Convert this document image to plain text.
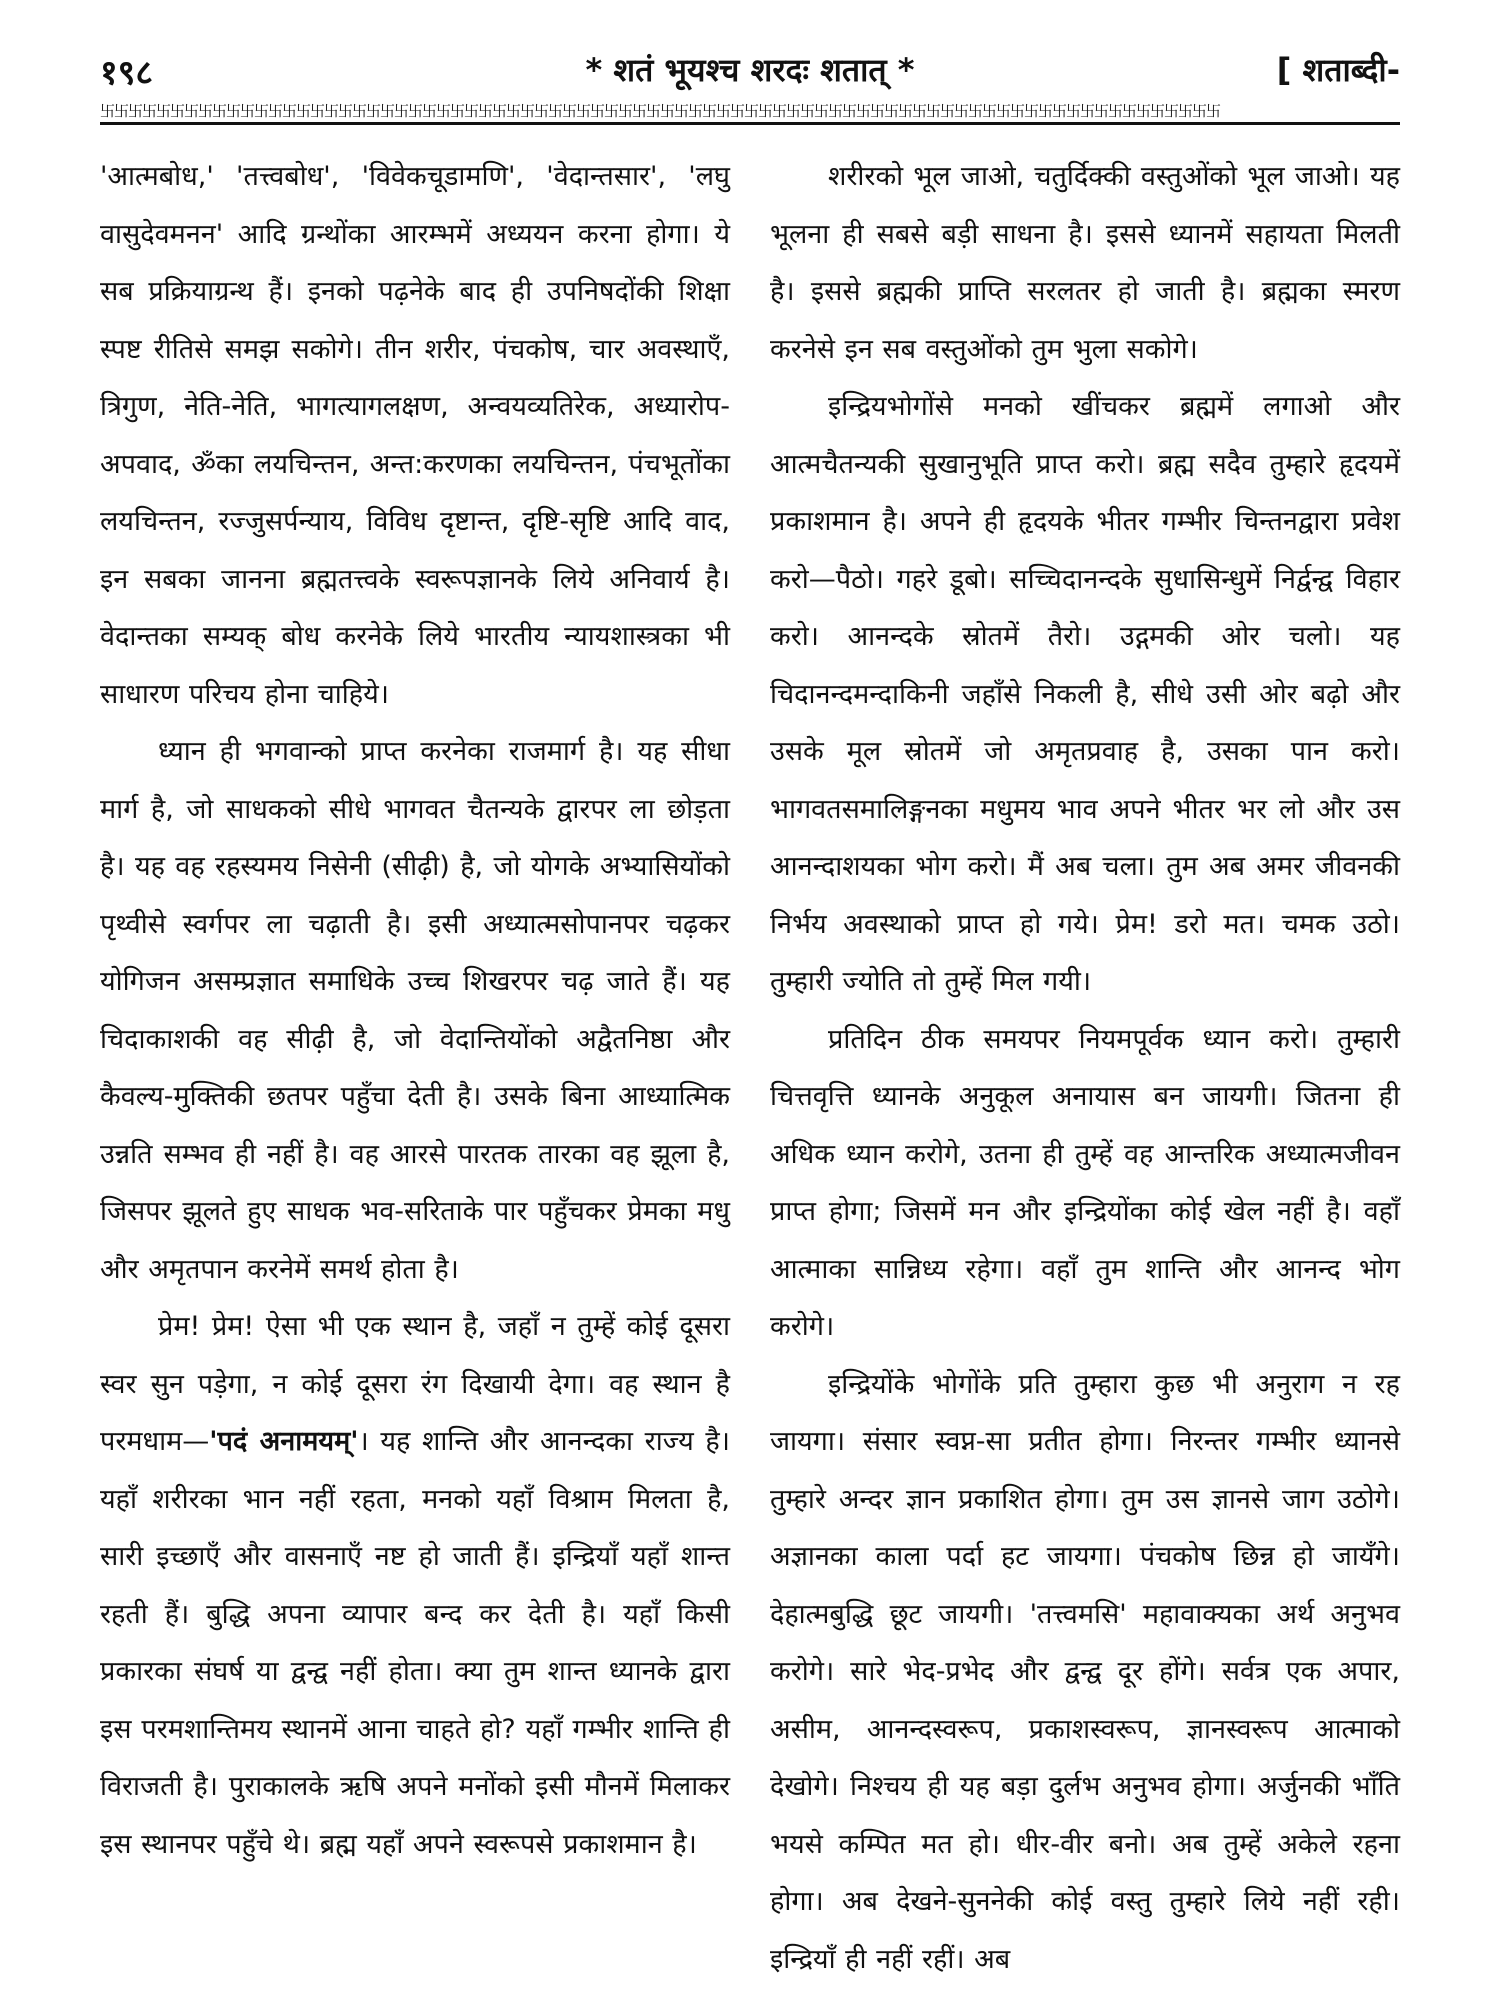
१९८	* शतं भूयश्च शरदः शतात् *	[ शताब्दी-
卐卐卐卐卐卐卐卐卐卐卐卐卐卐卐卐卐卐卐卐卐卐卐卐卐卐卐卐卐卐卐卐卐卐卐卐卐卐卐卐卐卐卐卐卐卐卐卐卐卐卐卐卐卐卐卐卐卐卐卐卐卐卐卐卐卐卐卐卐卐卐卐卐卐卐卐卐卐卐卐

'आत्मबोध,' 'तत्त्वबोध', 'विवेकचूडामणि', 'वेदान्तसार', 'लघु वासुदेवमनन' आदि ग्रन्थोंका आरम्भमें अध्ययन करना होगा। ये सब प्रक्रियाग्रन्थ हैं। इनको पढ़नेके बाद ही उपनिषदोंकी शिक्षा स्पष्ट रीतिसे समझ सकोगे। तीन शरीर, पंचकोष, चार अवस्थाएँ, त्रिगुण, नेति-नेति, भागत्यागलक्षण, अन्वयव्यतिरेक, अध्यारोप-अपवाद, ॐका लयचिन्तन, अन्त:करणका लयचिन्तन, पंचभूतोंका लयचिन्तन, रज्जुसर्पन्याय, विविध दृष्टान्त, दृष्टि-सृष्टि आदि वाद, इन सबका जानना ब्रह्मतत्त्वके स्वरूपज्ञानके लिये अनिवार्य है। वेदान्तका सम्यक् बोध करनेके लिये भारतीय न्यायशास्त्रका भी साधारण परिचय होना चाहिये।

ध्यान ही भगवान्को प्राप्त करनेका राजमार्ग है। यह सीधा मार्ग है, जो साधकको सीधे भागवत चैतन्यके द्वारपर ला छोड़ता है। यह वह रहस्यमय निसेनी (सीढ़ी) है, जो योगके अभ्यासियोंको पृथ्वीसे स्वर्गपर ला चढ़ाती है। इसी अध्यात्मसोपानपर चढ़कर योगिजन असम्प्रज्ञात समाधिके उच्च शिखरपर चढ़ जाते हैं। यह चिदाकाशकी वह सीढ़ी है, जो वेदान्तियोंको अद्वैतनिष्ठा और कैवल्य-मुक्तिकी छतपर पहुँचा देती है। उसके बिना आध्यात्मिक उन्नति सम्भव ही नहीं है। वह आरसे पारतक तारका वह झूला है, जिसपर झूलते हुए साधक भव-सरिताके पार पहुँचकर प्रेमका मधु और अमृतपान करनेमें समर्थ होता है।

प्रेम! प्रेम! ऐसा भी एक स्थान है, जहाँ न तुम्हें कोई दूसरा स्वर सुन पड़ेगा, न कोई दूसरा रंग दिखायी देगा। वह स्थान है परमधाम—'पदं अनामयम्'। यह शान्ति और आनन्दका राज्य है। यहाँ शरीरका भान नहीं रहता, मनको यहाँ विश्राम मिलता है, सारी इच्छाएँ और वासनाएँ नष्ट हो जाती हैं। इन्द्रियाँ यहाँ शान्त रहती हैं। बुद्धि अपना व्यापार बन्द कर देती है। यहाँ किसी प्रकारका संघर्ष या द्वन्द्व नहीं होता। क्या तुम शान्त ध्यानके द्वारा इस परमशान्तिमय स्थानमें आना चाहते हो? यहाँ गम्भीर शान्ति ही विराजती है। पुराकालके ऋषि अपने मनोंको इसी मौनमें मिलाकर इस स्थानपर पहुँचे थे। ब्रह्म यहाँ अपने स्वरूपसे प्रकाशमान है।

शरीरको भूल जाओ, चतुर्दिक्की वस्तुओंको भूल जाओ। यह भूलना ही सबसे बड़ी साधना है। इससे ध्यानमें सहायता मिलती है। इससे ब्रह्मकी प्राप्ति सरलतर हो जाती है। ब्रह्मका स्मरण करनेसे इन सब वस्तुओंको तुम भुला सकोगे।

इन्द्रियभोगोंसे मनको खींचकर ब्रह्ममें लगाओ और आत्मचैतन्यकी सुखानुभूति प्राप्त करो। ब्रह्म सदैव तुम्हारे हृदयमें प्रकाशमान है। अपने ही हृदयके भीतर गम्भीर चिन्तनद्वारा प्रवेश करो—पैठो। गहरे डूबो। सच्चिदानन्दके सुधासिन्धुमें निर्द्वन्द्व विहार करो। आनन्दके स्रोतमें तैरो। उद्गमकी ओर चलो। यह चिदानन्दमन्दाकिनी जहाँसे निकली है, सीधे उसी ओर बढ़ो और उसके मूल स्रोतमें जो अमृतप्रवाह है, उसका पान करो। भागवतसमालिङ्गनका मधुमय भाव अपने भीतर भर लो और उस आनन्दाशयका भोग करो। मैं अब चला। तुम अब अमर जीवनकी निर्भय अवस्थाको प्राप्त हो गये। प्रेम! डरो मत। चमक उठो। तुम्हारी ज्योति तो तुम्हें मिल गयी।

प्रतिदिन ठीक समयपर नियमपूर्वक ध्यान करो। तुम्हारी चित्तवृत्ति ध्यानके अनुकूल अनायास बन जायगी। जितना ही अधिक ध्यान करोगे, उतना ही तुम्हें वह आन्तरिक अध्यात्मजीवन प्राप्त होगा; जिसमें मन और इन्द्रियोंका कोई खेल नहीं है। वहाँ आत्माका सान्निध्य रहेगा। वहाँ तुम शान्ति और आनन्द भोग करोगे।

इन्द्रियोंके भोगोंके प्रति तुम्हारा कुछ भी अनुराग न रह जायगा। संसार स्वप्न-सा प्रतीत होगा। निरन्तर गम्भीर ध्यानसे तुम्हारे अन्दर ज्ञान प्रकाशित होगा। तुम उस ज्ञानसे जाग उठोगे। अज्ञानका काला पर्दा हट जायगा। पंचकोष छिन्न हो जायँगे। देहात्मबुद्धि छूट जायगी। 'तत्त्वमसि' महावाक्यका अर्थ अनुभव करोगे। सारे भेद-प्रभेद और द्वन्द्व दूर होंगे। सर्वत्र एक अपार, असीम, आनन्दस्वरूप, प्रकाशस्वरूप, ज्ञानस्वरूप आत्माको देखोगे। निश्चय ही यह बड़ा दुर्लभ अनुभव होगा। अर्जुनकी भाँति भयसे कम्पित मत हो। धीर-वीर बनो। अब तुम्हें अकेले रहना होगा। अब देखने-सुननेकी कोई वस्तु तुम्हारे लिये नहीं रही। इन्द्रियाँ ही नहीं रहीं। अब
